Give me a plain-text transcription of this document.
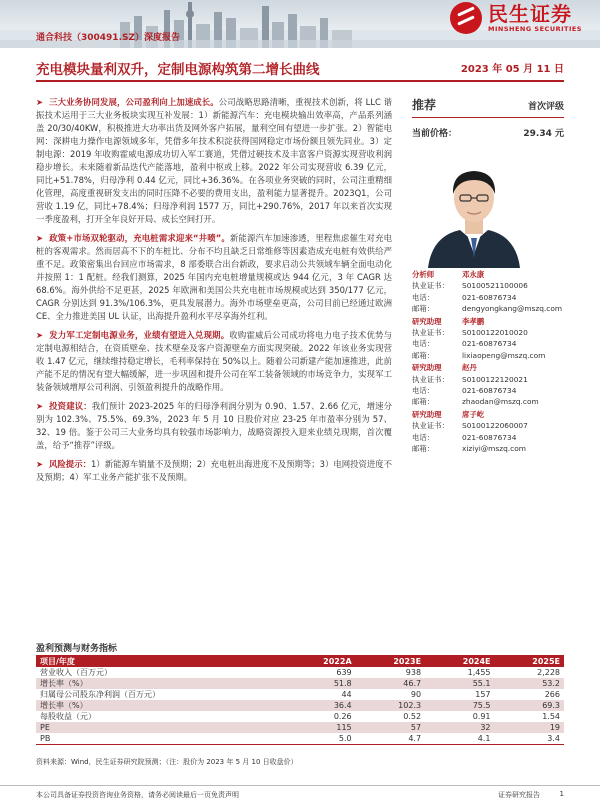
民生证券
MINSHENG SECURITIES
通合科技（300491.SZ）深度报告
充电模块量利双升，定制电源构筑第二增长曲线	2023 年 05 月 11 日

➤ 三大业务协同发展，公司盈利向上加速成长。公司战略思路清晰，重视技术创新，将 LLC 谐振技术运用于三大业务板块实现互补发展：1）新能源汽车：充电模块输出效率高，产品系列涵盖 20/30/40KW，积极推进大功率出货及网外客户拓展，量利空间有望进一步扩张。2）智能电网：深耕电力操作电源领域多年，凭借多年技术积淀获得国网稳定市场份额且领先同业。3）定制电源：2019 年收购霍威电源成功切入军工赛道，凭借过硬技术及丰富客户资源实现营收利润稳步增长。未来随着新品迭代产能落地，盈利中枢或上移。2022 年公司实现营收 6.39 亿元，同比+51.78%，归母净利 0.44 亿元，同比+36.36%。在各项业务突破的同时，公司注重精细化管理，高度重视研发支出的同时压降不必要的费用支出，盈利能力显著提升。2023Q1，公司营收 1.19 亿，同比+78.4%；归母净利润 1577 万，同比+290.76%，2017 年以来首次实现一季度盈利，打开全年良好开局、成长空间打开。

➤ 政策+市场双轮驱动，充电桩需求迎来“井喷”。新能源汽车加速渗透，里程焦虑催生对充电桩的客观需求。然而居高不下的车桩比、分布不均且缺乏日常维修等因素造成充电桩有效供给严重不足。政策密集出台回应市场需求，8 部委联合出台新政，要求启动公共领域车辆全面电动化并按照 1：1 配桩。经我们测算，2025 年国内充电桩增量规模或达 944 亿元，3 年 CAGR 达 68.6%。海外供给不足更甚，2025 年欧洲和美国公共充电桩市场规模或达到 350/177 亿元，CAGR 分别达到 91.3%/106.3%，更具发展潜力。海外市场壁垒更高，公司目前已经通过欧洲 CE、全力推进美国 UL 认证，出海提升盈利水平尽享海外红利。

➤ 发力军工定制电源业务，业绩有望进入兑现期。收购霍威后公司成功将电力电子技术优势与定制电源相结合，在资质壁垒、技术壁垒及客户资源壁垒方面实现突破。2022 年该业务实现营收 1.47 亿元，继续维持稳定增长，毛利率保持在 50%以上。随着公司新建产能加速推进，此前产能不足的情况有望大幅缓解，进一步巩固和提升公司在军工装备领域的市场竞争力，实现军工装备领域增厚公司利润、引领盈利提升的战略作用。

➤ 投资建议：我们预计 2023-2025 年的归母净利润分别为 0.90、1.57、2.66 亿元，增速分别为 102.3%、75.5%、69.3%，2023 年 5 月 10 日股价对应 23-25 年市盈率分别为 57、32、19 倍。鉴于公司三大业务均具有较强市场影响力，战略资源投入迎来业绩兑现期，首次覆盖，给予“推荐”评级。

➤ 风险提示：1）新能源车销量不及预期；2）充电桩出海进度不及预期等；3）电网投资进度不及预期；4）军工业务产能扩张不及预期。

推荐	首次评级
当前价格：	29.34 元
分析师	邓永康
执业证书：	S0100521100006
电话：	021-60876734
邮箱：	dengyongkang@mszq.com
研究助理	李孝鹏
执业证书：	S0100122010020
电话：	021-60876734
邮箱：	lixiaopeng@mszq.com
研究助理	赵丹
执业证书：	S0100122120021
电话：	021-60876734
邮箱：	zhaodan@mszq.com
研究助理	席子屹
执业证书：	S0100122060007
电话：	021-60876734
邮箱：	xiziyi@mszq.com
盈利预测与财务指标
项目/年度	2022A	2023E	2024E	2025E
营业收入（百万元）	639	938	1,455	2,228
增长率（%）	51.8	46.7	55.1	53.2
归属母公司股东净利润（百万元）	44	90	157	266
增长率（%）	36.4	102.3	75.5	69.3
每股收益（元）	0.26	0.52	0.91	1.54
PE	115	57	32	19
PB	5.0	4.7	4.1	3.4
资料来源：Wind，民生证券研究院预测；（注：股价为 2023 年 5 月 10 日收盘价）
本公司具备证券投资咨询业务资格，请务必阅读最后一页免责声明	证券研究报告	1
